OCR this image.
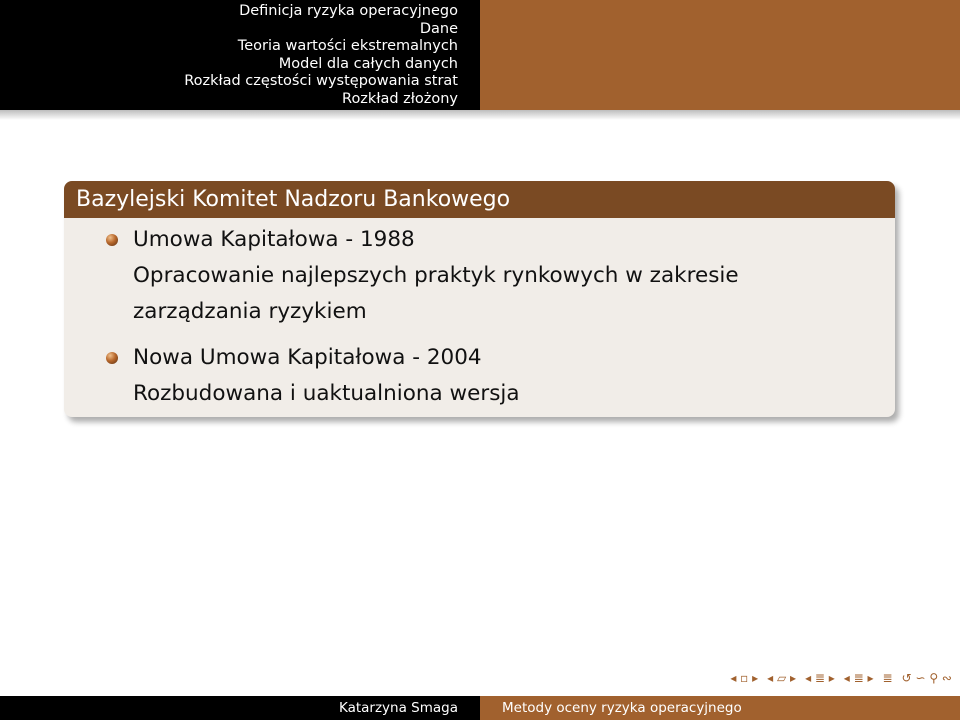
Definicja ryzyka operacyjnego
Dane
Teoria wartości ekstremalnych
Model dla całych danych
Rozkład częstości występowania strat
Rozkład złożony
Bazylejski Komitet Nadzoru Bankowego
Umowa Kapitałowa - 1988
Opracowanie najlepszych praktyk rynkowych w zakresie
zarządzania ryzykiem
Nowa Umowa Kapitałowa - 2004
Rozbudowana i uaktualniona wersja
◂ ▫ ▸ ◂ ▱ ▸ ◂ ≣ ▸ ◂ ≣ ▸ ≣ ↺ ∽ ⚲ ∾
Katarzyna Smaga	Metody oceny ryzyka operacyjnego
